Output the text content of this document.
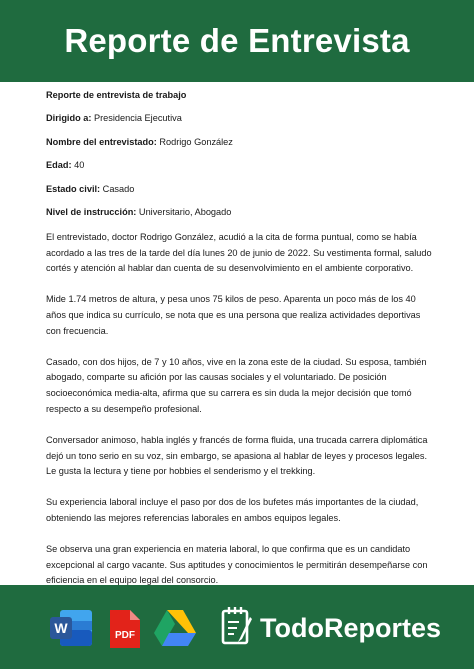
Reporte de Entrevista
Reporte de entrevista de trabajo
Dirigido a: Presidencia Ejecutiva
Nombre del entrevistado: Rodrigo González
Edad: 40
Estado civil: Casado
Nivel de instrucción: Universitario, Abogado

El entrevistado, doctor Rodrigo González, acudió a la cita de forma puntual, como se había acordado a las tres de la tarde del día lunes 20 de junio de 2022. Su vestimenta formal, saludo cortés y atención al hablar dan cuenta de su desenvolvimiento en el ambiente corporativo.

Mide 1.74 metros de altura, y pesa unos 75 kilos de peso. Aparenta un poco más de los 40 años que indica su currículo, se nota que es una persona que realiza actividades deportivas con frecuencia.

Casado, con dos hijos, de 7 y 10 años, vive en la zona este de la ciudad. Su esposa, también abogado, comparte su afición por las causas sociales y el voluntariado. De posición socioeconómica media-alta, afirma que su carrera es sin duda la mejor decisión que tomó respecto a su desempeño profesional.

Conversador animoso, habla inglés y francés de forma fluida, una trucada carrera diplomática dejó un tono serio en su voz, sin embargo, se apasiona al hablar de leyes y procesos legales. Le gusta la lectura y tiene por hobbies el senderismo y el trekking.

Su experiencia laboral incluye el paso por dos de los bufetes más importantes de la ciudad, obteniendo las mejores referencias laborales en ambos equipos legales.

Se observa una gran experiencia en materia laboral, lo que confirma que es un candidato excepcional al cargo vacante. Sus aptitudes y conocimientos le permitirán desempeñarse con eficiencia en el equipo legal del consorcio.

W	PDF	TodoReportes
